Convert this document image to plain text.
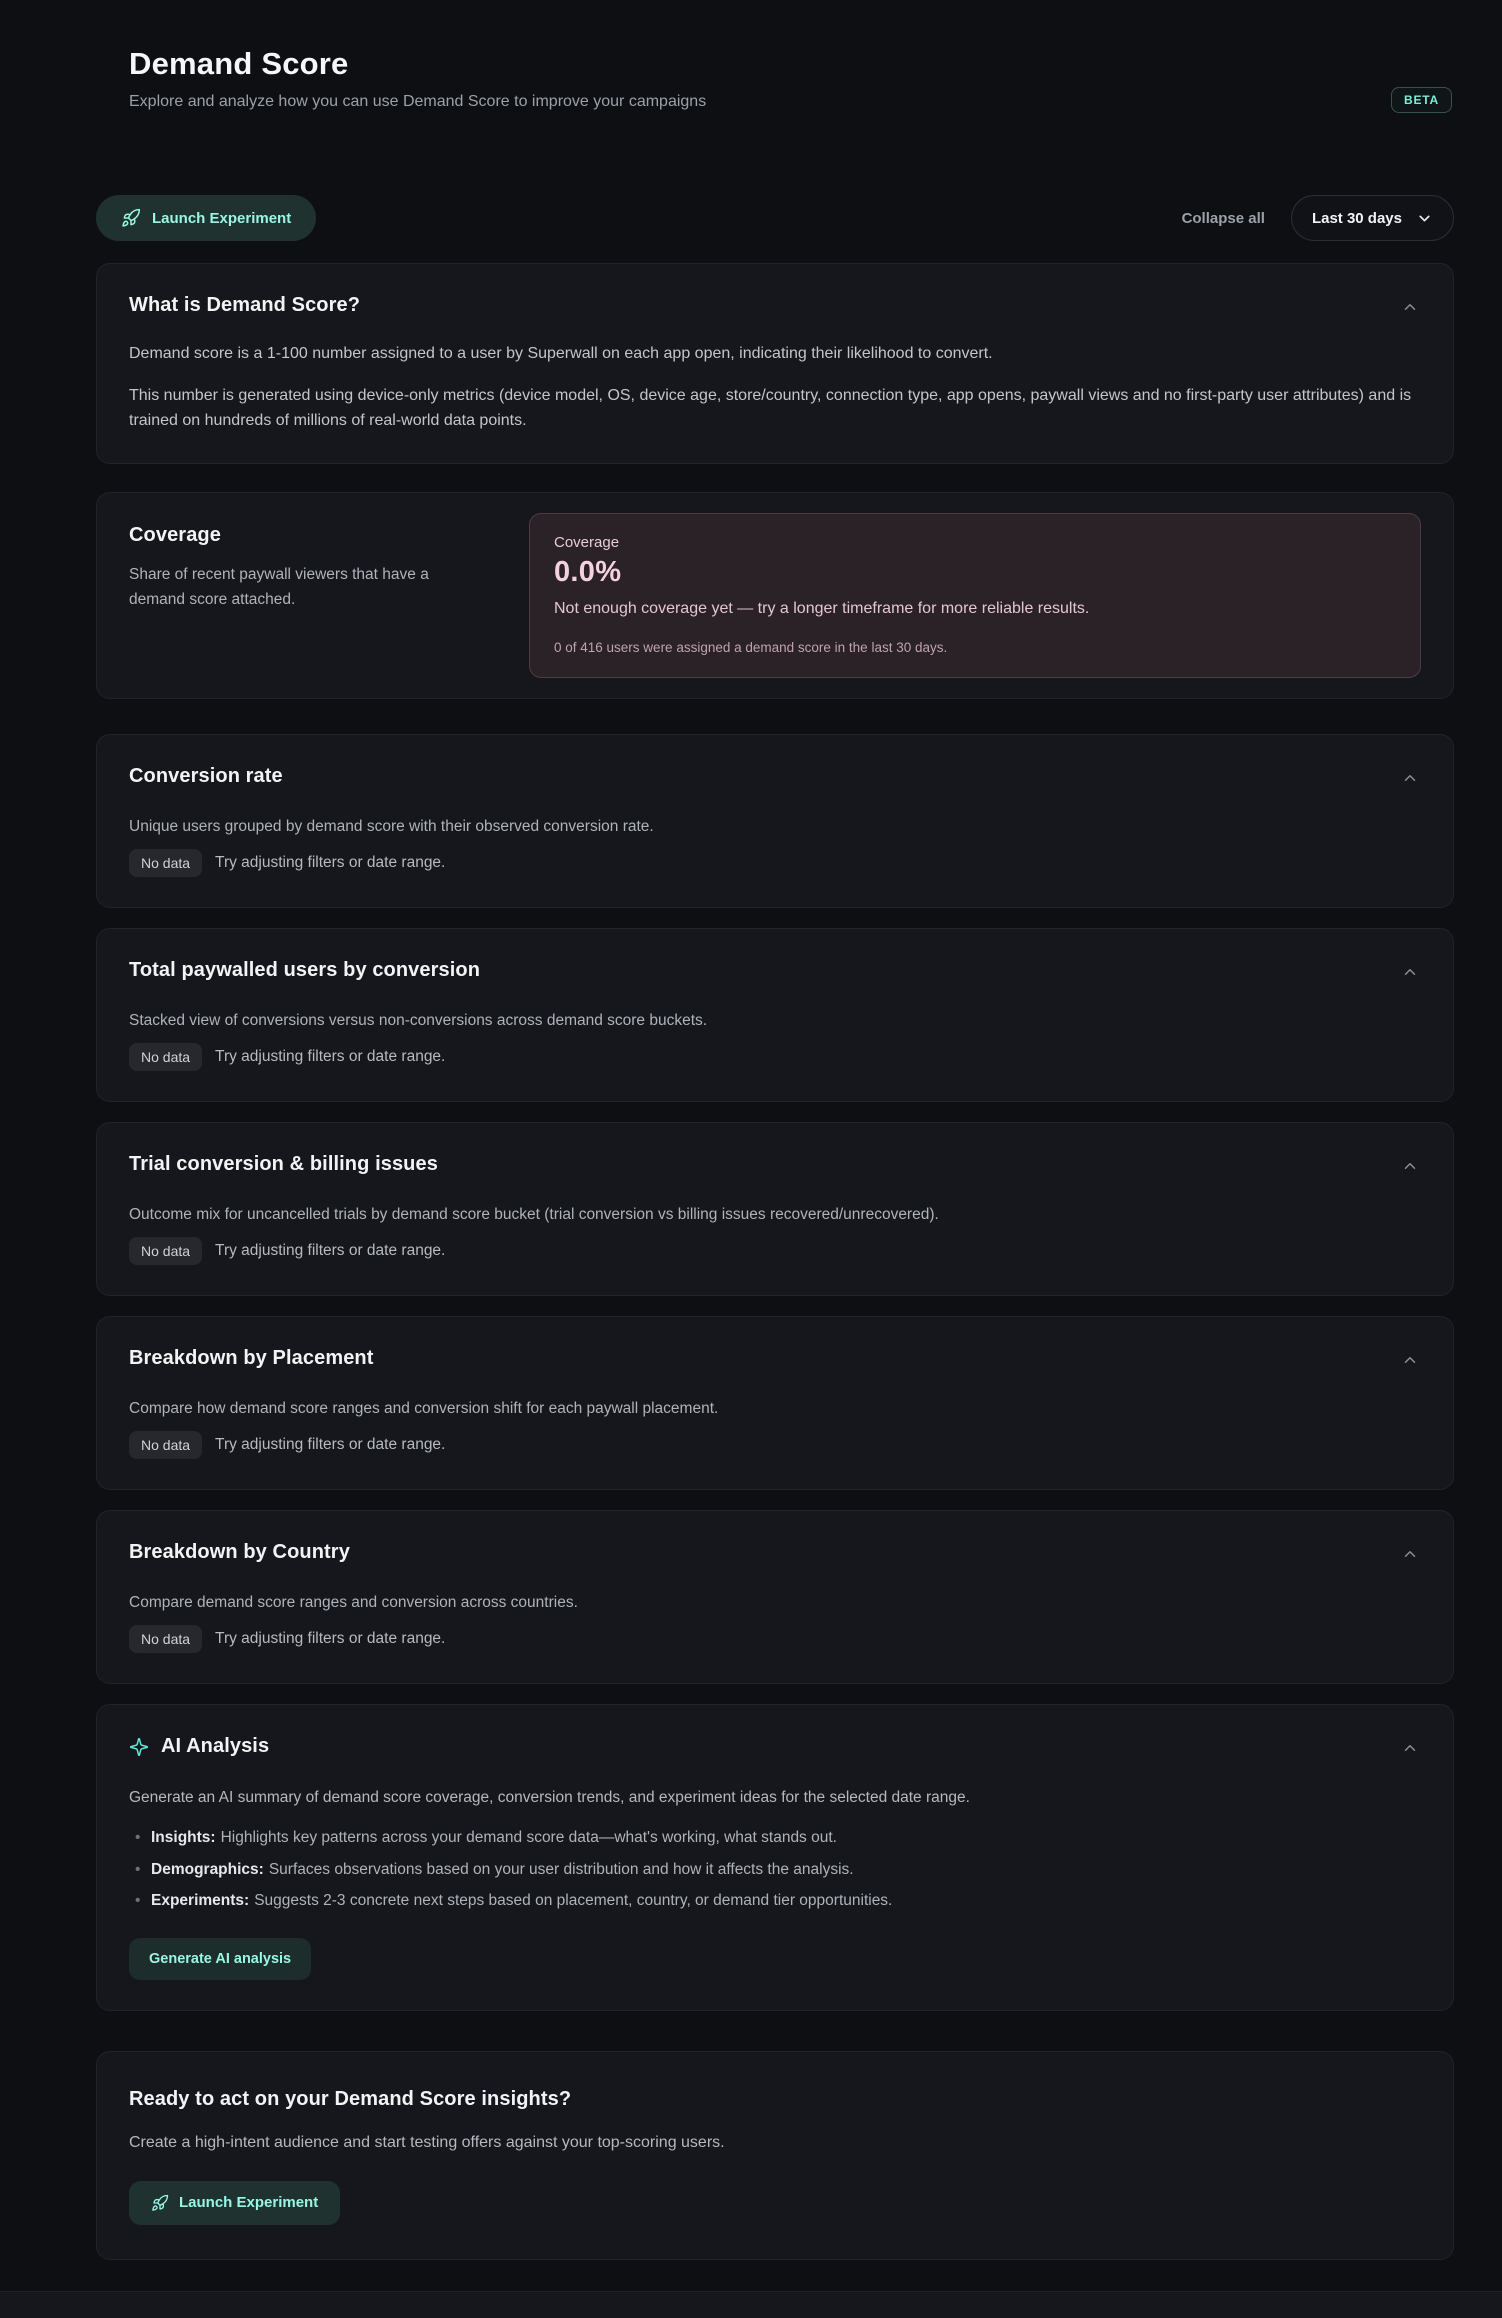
Demand Score
Explore and analyze how you can use Demand Score to improve your campaigns	BETA
Launch Experiment	Collapse all	Last 30 days
What is Demand Score?

Demand score is a 1-100 number assigned to a user by Superwall on each app open, indicating their likelihood to convert.

This number is generated using device-only metrics (device model, OS, device age, store/country, connection type, app opens, paywall views and no first-party user attributes) and is trained on hundreds of millions of real-world data points.

Coverage

Share of recent paywall viewers that have a demand score attached.

Coverage
0.0%
Not enough coverage yet — try a longer timeframe for more reliable results.
0 of 416 users were assigned a demand score in the last 30 days.
Conversion rate

Unique users grouped by demand score with their observed conversion rate.

No data	Try adjusting filters or date range.
Total paywalled users by conversion

Stacked view of conversions versus non-conversions across demand score buckets.

No data	Try adjusting filters or date range.
Trial conversion & billing issues

Outcome mix for uncancelled trials by demand score bucket (trial conversion vs billing issues recovered/unrecovered).

No data	Try adjusting filters or date range.
Breakdown by Placement

Compare how demand score ranges and conversion shift for each paywall placement.

No data	Try adjusting filters or date range.
Breakdown by Country

Compare demand score ranges and conversion across countries.

No data	Try adjusting filters or date range.
AI Analysis

Generate an AI summary of demand score coverage, conversion trends, and experiment ideas for the selected date range.

• Insights: Highlights key patterns across your demand score data—what's working, what stands out.
• Demographics: Surfaces observations based on your user distribution and how it affects the analysis.
• Experiments: Suggests 2-3 concrete next steps based on placement, country, or demand tier opportunities.
Generate AI analysis
Ready to act on your Demand Score insights?

Create a high-intent audience and start testing offers against your top-scoring users.

Launch Experiment
